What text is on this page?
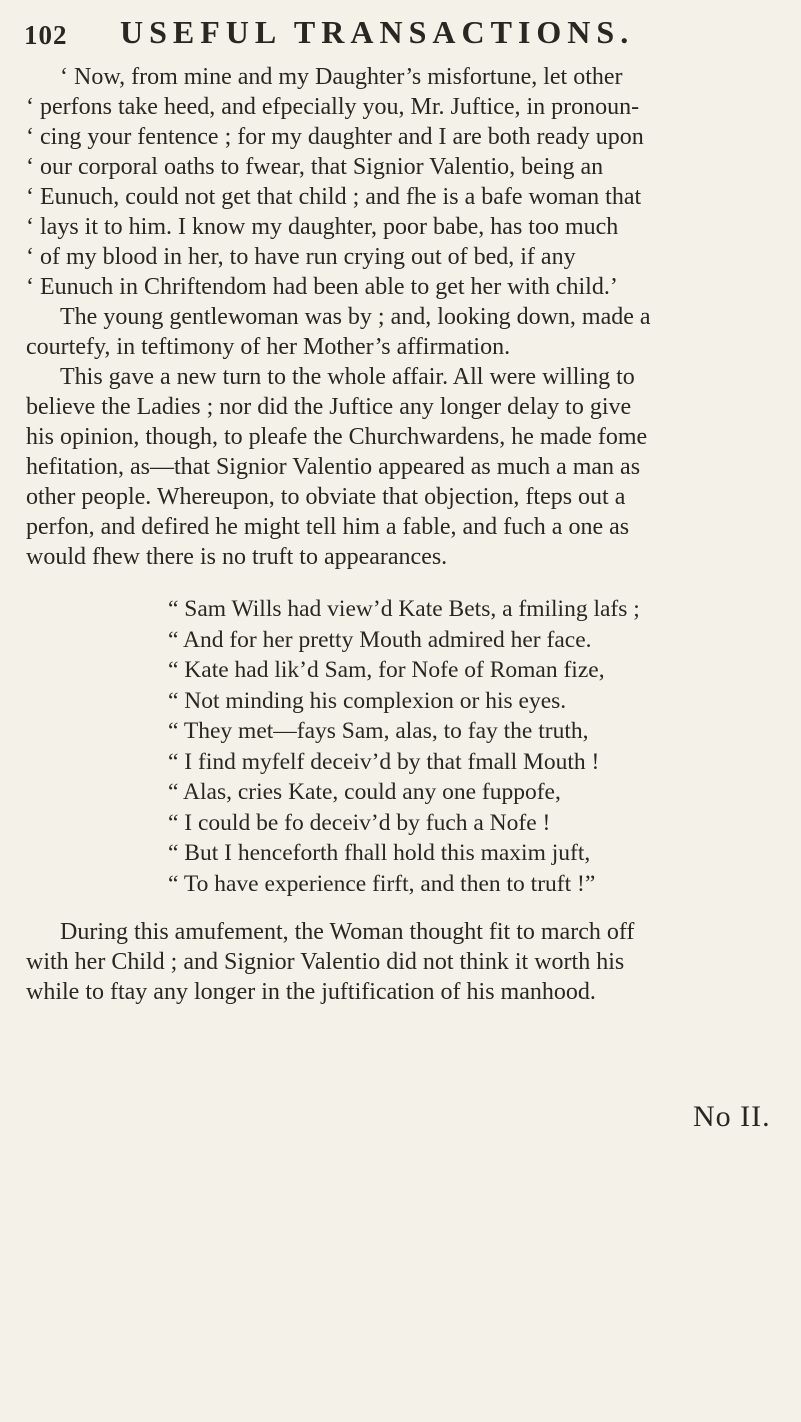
102 USEFUL TRANSACTIONS.
‘ Now, from mine and my Daughter’s misfortune, let other
‘ perfons take heed, and efpecially you, Mr. Juftice, in pronoun-
‘ cing your fentence ; for my daughter and I are both ready upon
‘ our corporal oaths to fwear, that Signior Valentio, being an
‘ Eunuch, could not get that child ; and fhe is a bafe woman that
‘ lays it to him. I know my daughter, poor babe, has too much
‘ of my blood in her, to have run crying out of bed, if any
‘ Eunuch in Chriftendom had been able to get her with child.’
The young gentlewoman was by ; and, looking down, made a
courtefy, in teftimony of her Mother’s affirmation.
This gave a new turn to the whole affair. All were willing to
believe the Ladies ; nor did the Juftice any longer delay to give
his opinion, though, to pleafe the Churchwardens, he made fome
hefitation, as—that Signior Valentio appeared as much a man as
other people. Whereupon, to obviate that objection, fteps out a
perfon, and defired he might tell him a fable, and fuch a one as
would fhew there is no truft to appearances.
“ Sam Wills had view’d Kate Bets, a fmiling lafs ;
“ And for her pretty Mouth admired her face.
“ Kate had lik’d Sam, for Nofe of Roman fize,
“ Not minding his complexion or his eyes.
“ They met—fays Sam, alas, to fay the truth,
“ I find myfelf deceiv’d by that fmall Mouth !
“ Alas, cries Kate, could any one fuppofe,
“ I could be fo deceiv’d by fuch a Nofe !
“ But I henceforth fhall hold this maxim juft,
“ To have experience firft, and then to truft !”
During this amufement, the Woman thought fit to march off
with her Child ; and Signior Valentio did not think it worth his
while to ftay any longer in the juftification of his manhood.
No II.
